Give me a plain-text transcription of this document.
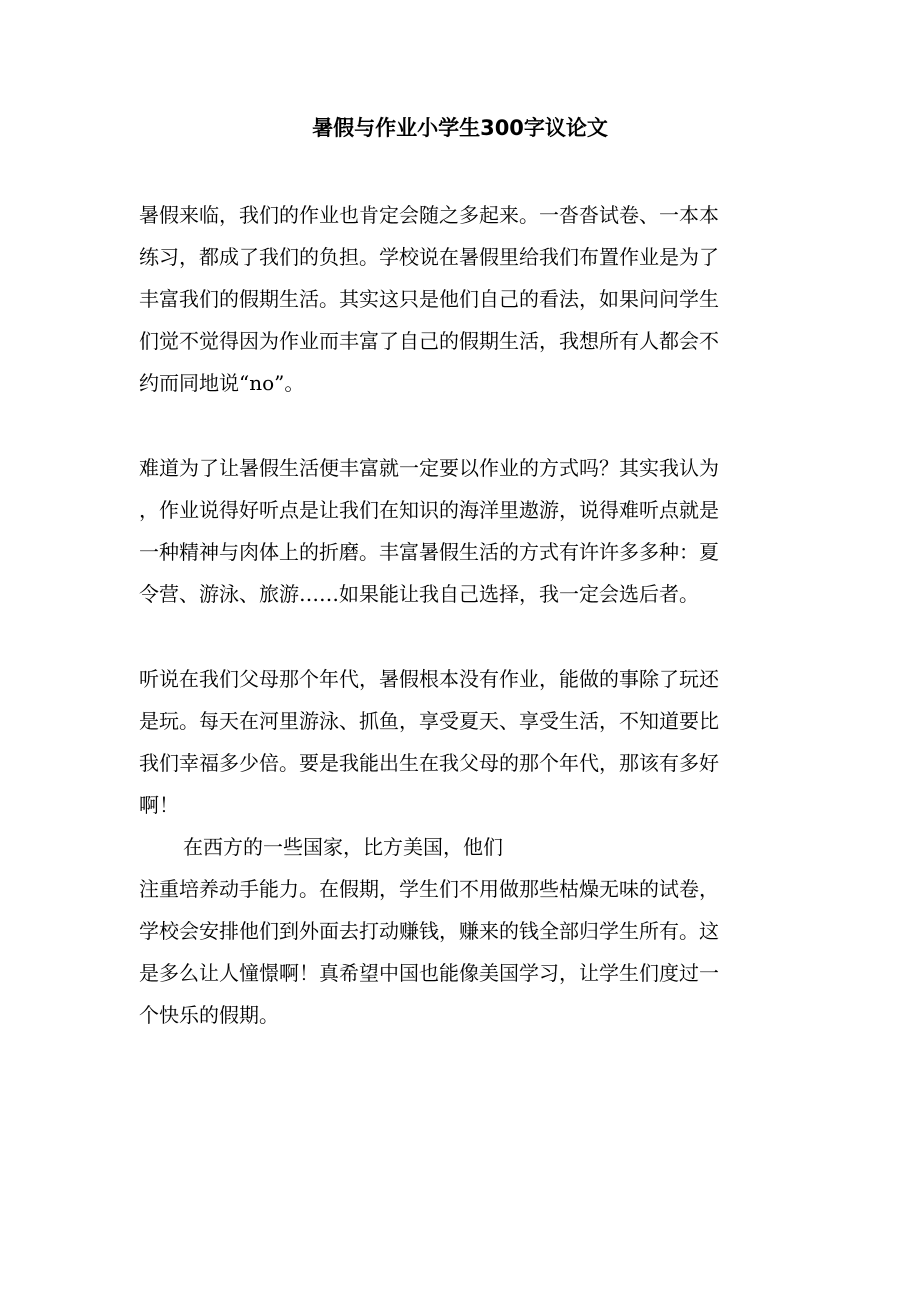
暑假与作业小学生300字议论文

暑假来临，我们的作业也肯定会随之多起来。一沓沓试卷、一本本
练习，都成了我们的负担。学校说在暑假里给我们布置作业是为了
丰富我们的假期生活。其实这只是他们自己的看法，如果问问学生
们觉不觉得因为作业而丰富了自己的假期生活，我想所有人都会不
约而同地说“no”。

难道为了让暑假生活便丰富就一定要以作业的方式吗？其实我认为
，作业说得好听点是让我们在知识的海洋里遨游，说得难听点就是
一种精神与肉体上的折磨。丰富暑假生活的方式有许许多多种：夏
令营、游泳、旅游……如果能让我自己选择，我一定会选后者。

听说在我们父母那个年代，暑假根本没有作业，能做的事除了玩还
是玩。每天在河里游泳、抓鱼，享受夏天、享受生活，不知道要比
我们幸福多少倍。要是我能出生在我父母的那个年代，那该有多好
啊！

在西方的一些国家，比方美国，他们
注重培养动手能力。在假期，学生们不用做那些枯燥无味的试卷，
学校会安排他们到外面去打动赚钱，赚来的钱全部归学生所有。这
是多么让人憧憬啊！真希望中国也能像美国学习，让学生们度过一
个快乐的假期。
